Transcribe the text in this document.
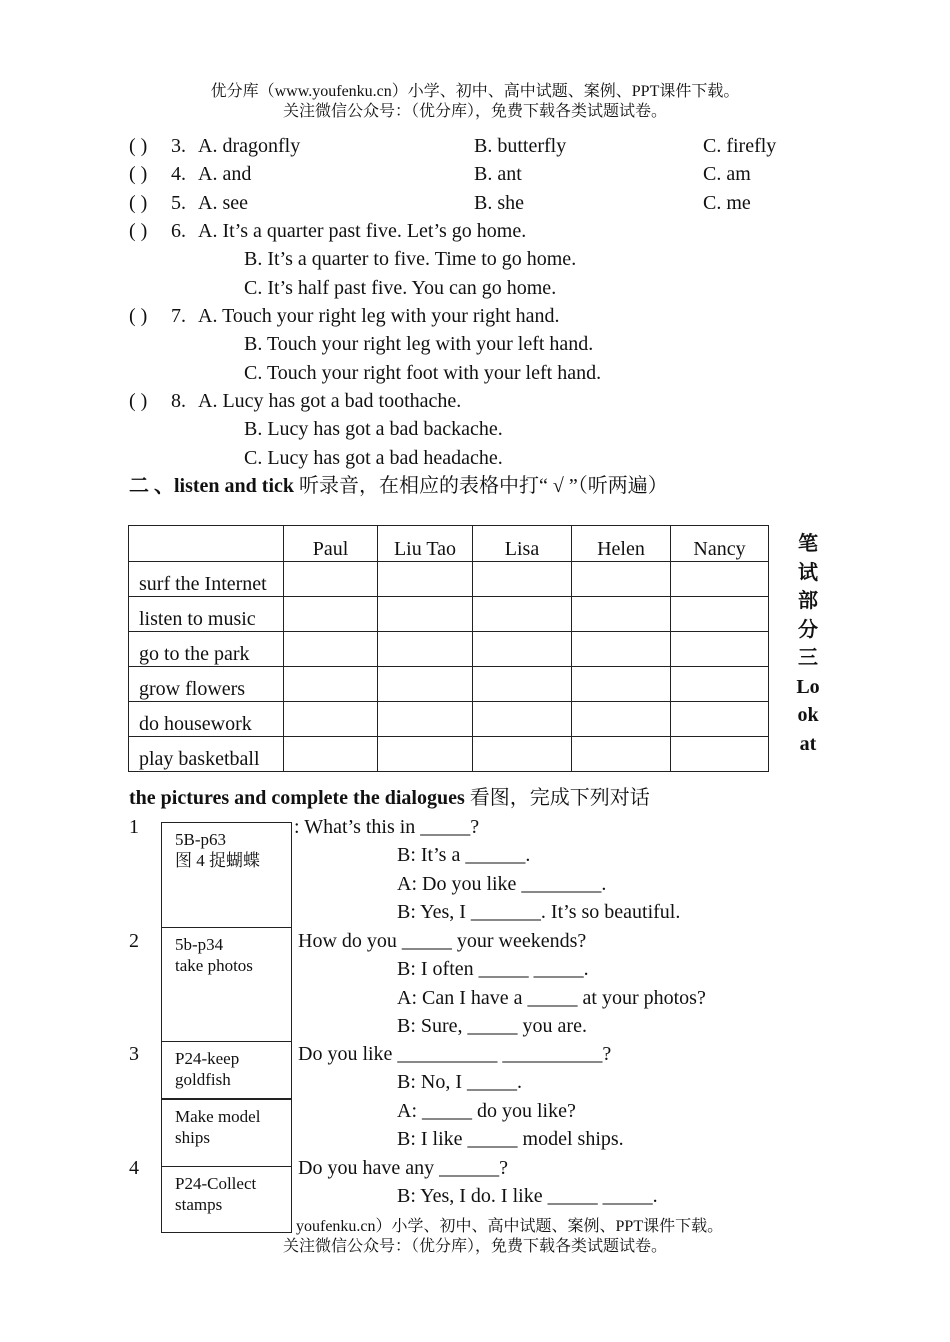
优分库（www.youfenku.cn）小学、初中、高中试题、案例、PPT课件下载。
关注微信公众号：（优分库），免费下载各类试题试卷。
( ) 3. A. dragonfly	B. butterfly	C. firefly
( ) 4. A. and	B. ant	C. am
( ) 5. A. see	B. she	C. me
( ) 6. A. It’s a quarter past five. Let’s go home.
B. It’s a quarter to five. Time to go home.
C. It’s half past five. You can go home.
( ) 7. A. Touch your right leg with your right hand.
B. Touch your right leg with your left hand.
C. Touch your right foot with your left hand.
( ) 8. A. Lucy has got a bad toothache.
B. Lucy has got a bad backache.
C. Lucy has got a bad headache.
二 、listen and tick 听录音，在相应的表格中打“ √ ”（听两遍）
	Paul	Liu Tao	Lisa	Helen	Nancy
surf the Internet					
listen to music					
go to the park					
grow flowers					
do housework					
play basketball					
笔
试
部
分
三
Lo
ok
at
the pictures and complete the dialogues 看图，完成下列对话
1	: What’s this in _____?
B: It’s a ______.
A: Do you like ________.
B: Yes, I _______. It’s so beautiful.
2	How do you _____ your weekends?
B: I often _____ _____.
A: Can I have a _____ at your photos?
B: Sure, _____ you are.
3	Do you like __________ __________?
B: No, I _____.
A: _____ do you like?
B: I like _____ model ships.
4	Do you have any ______?
B: Yes, I do. I like _____ _____.
youfenku.cn）小学、初中、高中试题、案例、PPT课件下载。
关注微信公众号：（优分库），免费下载各类试题试卷。
5B-p63
图 4 捉蝴蝶
5b-p34
take photos
P24-keep
goldfish
Make model
ships
P24-Collect
stamps
